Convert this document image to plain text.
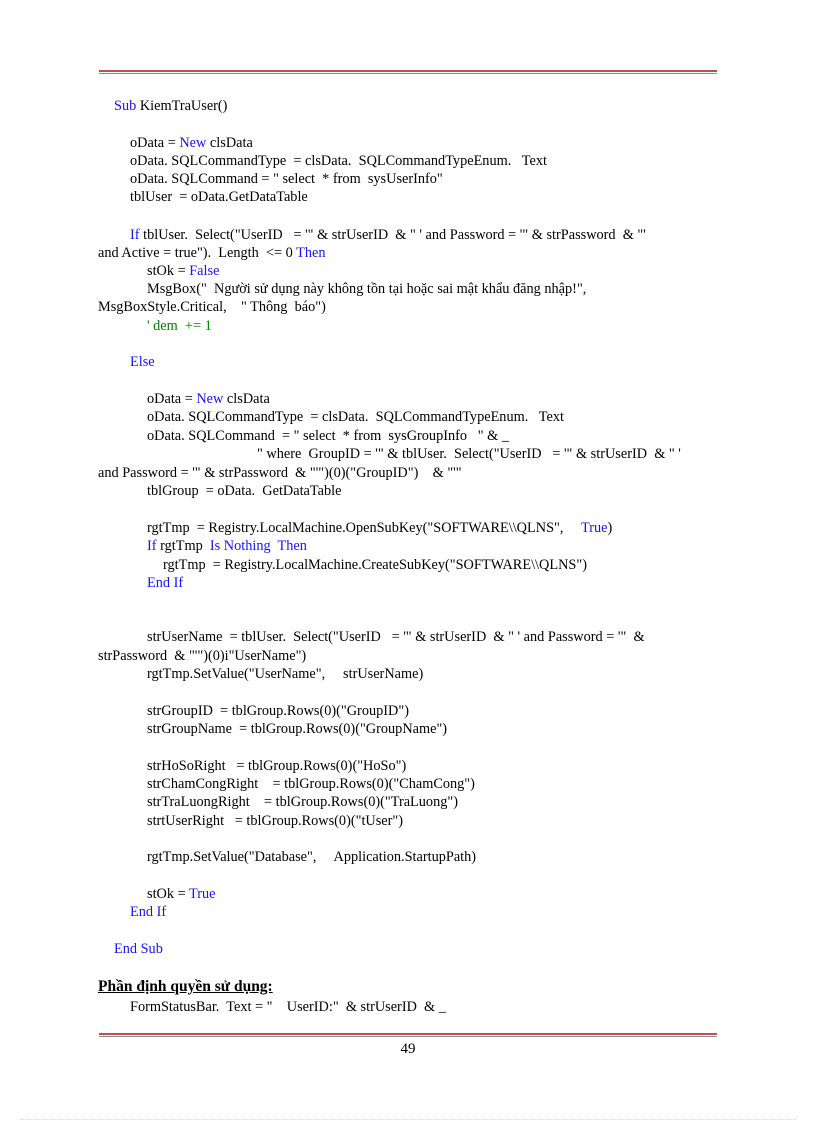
Sub KiemTraUser()
oData = New clsData
oData. SQLCommandType  = clsData.  SQLCommandTypeEnum.   Text
oData. SQLCommand = " select  * from  sysUserInfo"
tblUser  = oData.GetDataTable
If tblUser.  Select("UserID   = '" & strUserID  & " ' and Password = '" & strPassword  & "'
and Active = true").  Length  <= 0 Then
stOk = False
MsgBox("  Người sử dụng này không tồn tại hoặc sai mật khẩu đăng nhập!",
MsgBoxStyle.Critical,    " Thông  báo")
' dem  += 1
Else
oData = New clsData
oData. SQLCommandType  = clsData.  SQLCommandTypeEnum.   Text
oData. SQLCommand  = " select  * from  sysGroupInfo   " & _
" where  GroupID = '" & tblUser.  Select("UserID   = '" & strUserID  & " '
and Password = '" & strPassword  & "'")(0)("GroupID")    & "'"
tblGroup  = oData.  GetDataTable
rgtTmp  = Registry.LocalMachine.OpenSubKey("SOFTWARE\\QLNS",     True)
If rgtTmp  Is Nothing Then
rgtTmp  = Registry.LocalMachine.CreateSubKey("SOFTWARE\\QLNS")
End If
strUserName  = tblUser.  Select("UserID   = '" & strUserID  & " ' and Password = '"  &
strPassword  & "'")(0)i"UserName")
rgtTmp.SetValue("UserName",     strUserName)
strGroupID  = tblGroup.Rows(0)("GroupID")
strGroupName  = tblGroup.Rows(0)("GroupName")
strHoSoRight   = tblGroup.Rows(0)("HoSo")
strChamCongRight    = tblGroup.Rows(0)("ChamCong")
strTraLuongRight    = tblGroup.Rows(0)("TraLuong")
strtUserRight   = tblGroup.Rows(0)("tUser")
rgtTmp.SetValue("Database",     Application.StartupPath)
stOk = True
End If
End Sub
Phần định quyền sử dụng:
FormStatusBar.  Text = "    UserID:"  & strUserID  & _
49
